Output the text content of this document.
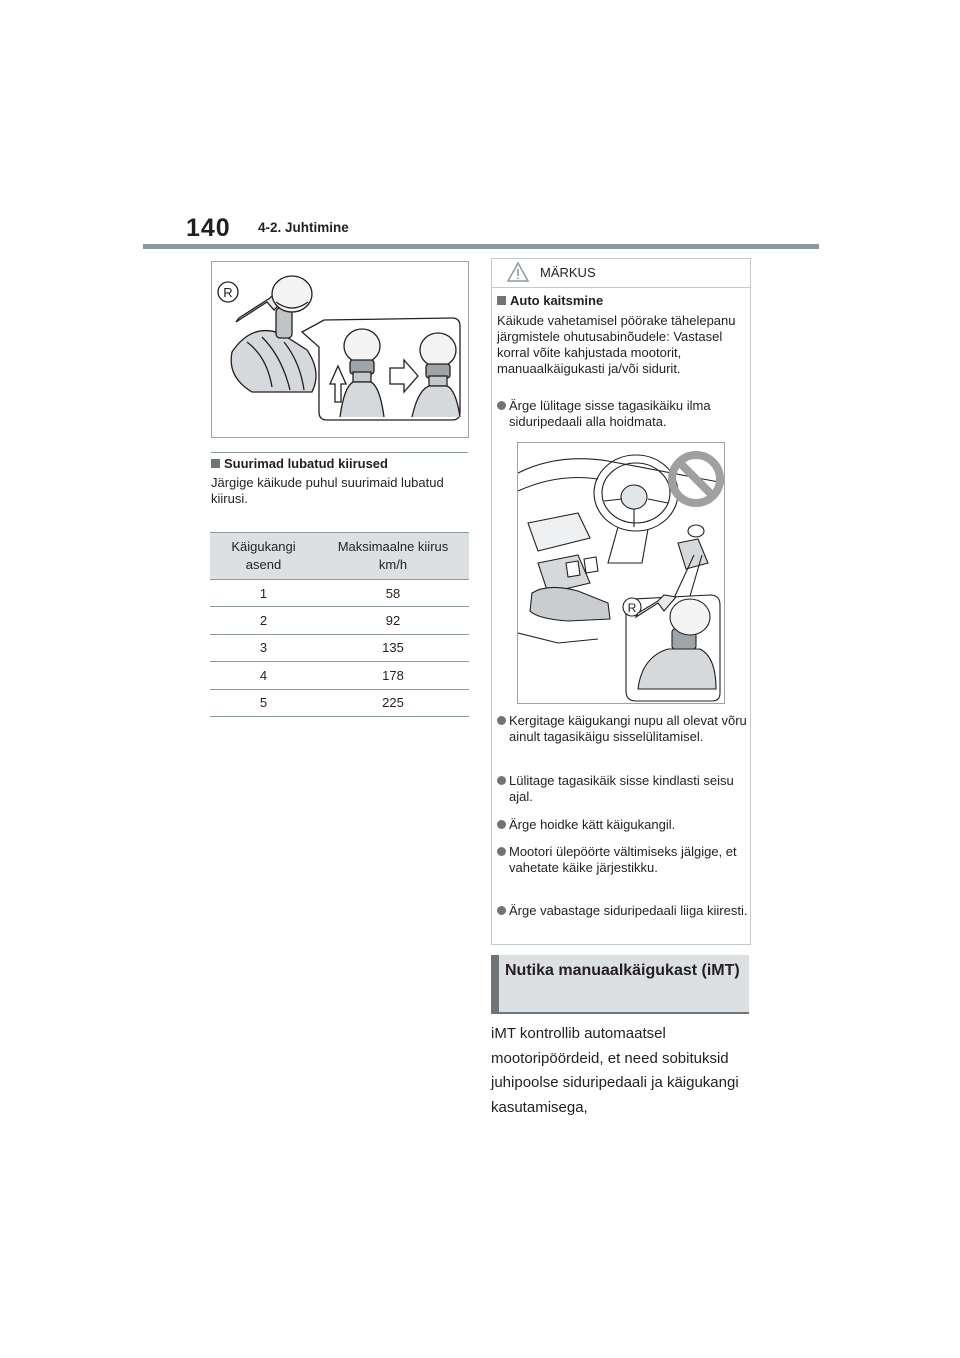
140 4-2. Juhtimine
R
Suurimad lubatud kiirused
Järgige käikude puhul suurimaid lubatud kiirusi.
Käigukangi
asend	Maksimaalne kiirus
km/h
1	58
2	92
3	135
4	178
5	225
MÄRKUS
Auto kaitsmine
Käikude vahetamisel pöörake tähelepanu järgmistele ohutusabinõudele: Vastasel korral võite kahjustada mootorit, manuaalkäigukasti ja/või sidurit.
Ärge lülitage sisse tagasikäiku ilma siduripedaali alla hoidmata.
R
Kergitage käigukangi nupu all olevat võru ainult tagasikäigu sisselülitamisel.
Lülitage tagasikäik sisse kindlasti seisu ajal.
Ärge hoidke kätt käigukangil.
Mootori ülepöörte vältimiseks jälgige, et vahetate käike järjestikku.
Ärge vabastage siduripedaali liiga kiiresti.
Nutika manuaalkäigukast (iMT)
iMT kontrollib automaatsel mootoripöördeid, et need sobituksid juhipoolse siduripedaali ja käigukangi kasutamisega,
